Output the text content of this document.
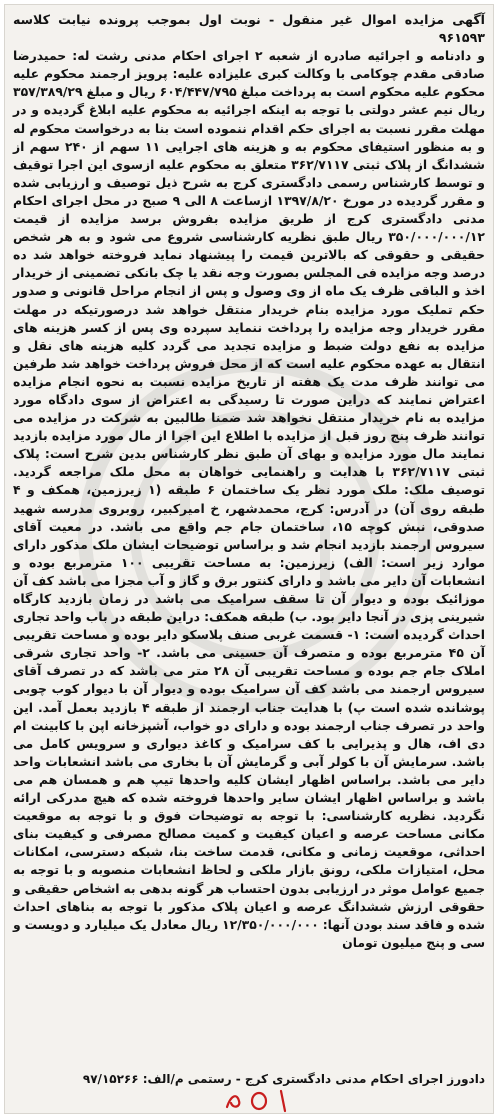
آگهی مزایده اموال غیر منقول - نوبت اول بموجب پرونده نیابت کلاسه ۹۶۱۵۹۳

و دادنامه و اجرائیه صادره از شعبه ۲ اجرای احکام مدنی رشت له: حمیدرضا صادقی مقدم چوکامی با وکالت کبری علیزاده علیه: پرویز ارجمند محکوم علیه محکوم علیه محکوم است به پرداخت مبلغ ۶۰۴/۴۴۷/۷۹۵ ریال و مبلغ ۳۵۷/۳۸۹/۲۹ ریال نیم عشر دولتی با توجه به اینکه اجرائیه به محکوم علیه ابلاغ گردیده و در مهلت مقرر نسبت به اجرای حکم اقدام ننموده است بنا به درخواست محکوم له و به منظور استیفای محکوم به و هزینه های اجرایی ۱۱ سهم از ۲۴۰ سهم از ششدانگ از پلاک ثبتی ۳۶۲/۷۱۱۷ متعلق به محکوم علیه ازسوی این اجرا توقیف و توسط کارشناس رسمی دادگستری کرج به شرح ذیل توصیف و ارزیابی شده و مقرر گردیده در مورخ ۱۳۹۷/۸/۲۰ ازساعت ۸ الی ۹ صبح در محل اجرای احکام مدنی دادگستری کرج از طریق مزایده بفروش برسد مزایده از قیمت ۳۵۰/۰۰۰/۰۰۰/۱۲ ریال طبق نظریه کارشناسی شروع می شود و به هر شخص حقیقی و حقوقی که بالاترین قیمت را پیشنهاد نماید فروخته خواهد شد ده درصد وجه مزایده فی المجلس بصورت وجه نقد یا چک بانکی تضمینی از خریدار اخذ و الباقی ظرف یک ماه از وی وصول و پس از انجام مراحل قانونی و صدور حکم تملیک مورد مزایده بنام خریدار منتقل خواهد شد درصورتیکه در مهلت مقرر خریدار وجه مزایده را پرداخت ننماید سپرده وی پس از کسر هزینه های مزایده به نفع دولت ضبط و مزایده تجدید می گردد کلیه هزینه های نقل و انتقال به عهده محکوم علیه است که از محل فروش پرداخت خواهد شد طرفین می توانند ظرف مدت یک هفته از تاریخ مزایده نسبت به نحوه انجام مزایده اعتراض نمایند که دراین صورت تا رسیدگی به اعتراض از سوی دادگاه مورد مزایده به نام خریدار منتقل نخواهد شد ضمنا طالبین به شرکت در مزایده می توانند ظرف پنج روز قبل از مزایده با اطلاع این اجرا از مال مورد مزایده بازدید نمایند مال مورد مزایده و بهای آن طبق نظر کارشناس بدین شرح است: پلاک ثبتی ۳۶۲/۷۱۱۷ با هدایت و راهنمایی خواهان به محل ملک مراجعه گردید. توصیف ملک: ملک مورد نظر یک ساختمان ۶ طبقه (۱ زیرزمین، همکف و ۴ طبقه روی آن) در آدرس: کرج، محمدشهر، خ امیرکبیر، روبروی مدرسه شهید صدوقی، نبش کوچه ۱۵، ساختمان جام جم واقع می باشد. در معیت آقای سیروس ارجمند بازدید انجام شد و براساس توضیحات ایشان ملک مذکور دارای موارد زیر است: الف) زیرزمین: به مساحت تقریبی ۱۰۰ مترمربع بوده و انشعابات آن دایر می باشد و دارای کنتور برق و گاز و آب مجزا می باشد کف آن موزائیک بوده و دیوار آن تا سقف سرامیک می باشد در زمان بازدید کارگاه شیرینی پزی در آنجا دایر بود. ب) طبقه همکف: دراین طبقه در باب واحد تجاری احداث گردیده است: ۱- قسمت غربی صنف پلاسکو دایر بوده و مساحت تقریبی آن ۴۵ مترمربع بوده و متصرف آن حسینی می باشد. ۲- واحد تجاری شرقی املاک جام جم بوده و مساحت تقریبی آن ۲۸ متر می باشد که در تصرف آقای سیروس ارجمند می باشد کف آن سرامیک بوده و دیوار آن با دیوار کوب چوبی پوشانده شده است پ) با هدایت جناب ارجمند از طبقه ۴ بازدید بعمل آمد. این واحد در تصرف جناب ارجمند بوده و دارای دو خواب، آشپزخانه اپن با کابینت ام دی اف، هال و پذیرایی با کف سرامیک و کاغذ دیواری و سرویس کامل می باشد. سرمایش آن با کولر آبی و گرمایش آن با بخاری می باشد انشعابات واحد دایر می باشد. براساس اظهار ایشان کلیه واحدها تیپ هم و همسان هم می باشد و براساس اظهار ایشان سایر واحدها فروخته شده که هیچ مدرکی ارائه نگردید. نظریه کارشناسی: با توجه به توضیحات فوق و با توجه به موقعیت مکانی مساحت عرصه و اعیان کیفیت و کمیت مصالح مصرفی و کیفیت بنای احداثی، موقعیت زمانی و مکانی، قدمت ساخت بنا، شبکه دسترسی، امکانات محل، امتیازات ملکی، رونق بازار ملکی و لحاظ انشعابات منصوبه و با توجه به جمیع عوامل موثر در ارزیابی بدون احتساب هر گونه بدهی به اشخاص حقیقی و حقوقی ارزش ششدانگ عرصه و اعیان پلاک مذکور با توجه به بناهای احداث شده و فاقد سند بودن آنها: ۱۲/۳۵۰/۰۰۰/۰۰۰ ریال معادل یک میلیارد و دویست و سی و پنج میلیون تومان

دادورز اجرای احکام مدنی دادگستری کرج - رستمی م/الف: ۹۷/۱۵۲۶۶
